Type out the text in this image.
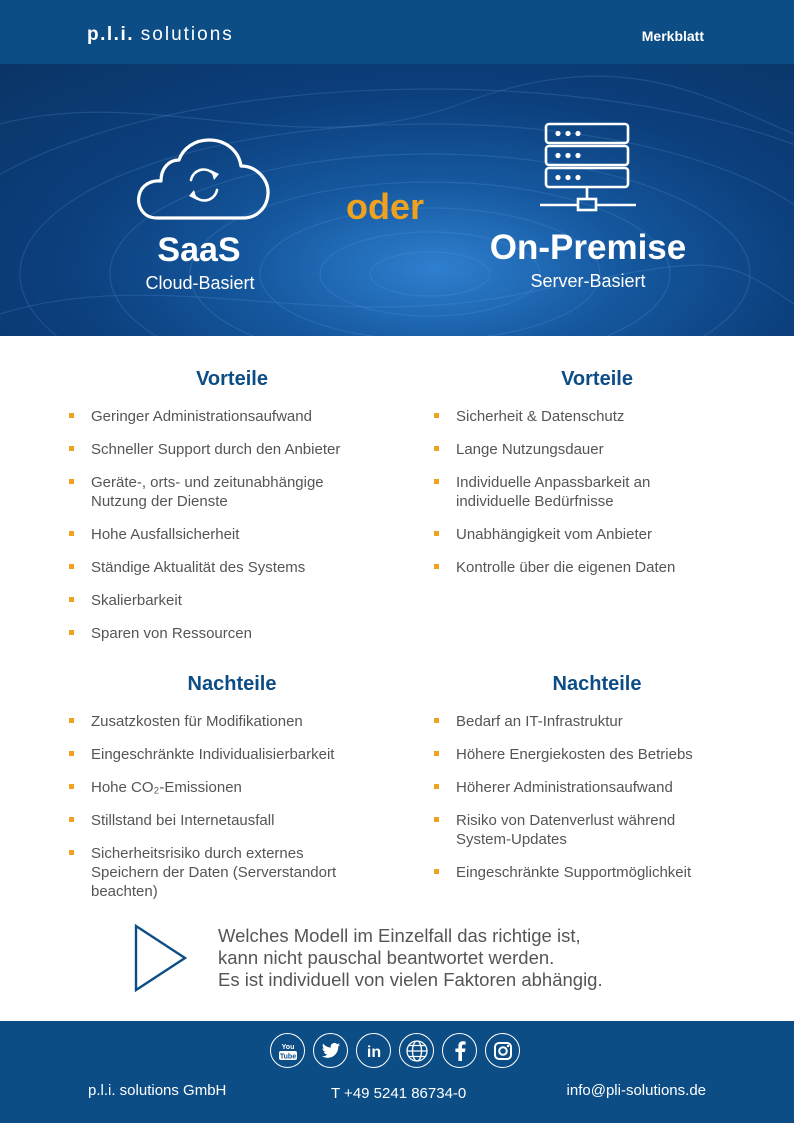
p.l.i. solutions	Merkblatt
SaaS
Cloud-Basiert
oder
On-Premise
Server-Basiert
Vorteile
Geringer Administrationsaufwand
Schneller Support durch den Anbieter
Geräte-, orts- und zeitunabhängige Nutzung der Dienste
Hohe Ausfallsicherheit
Ständige Aktualität des Systems
Skalierbarkeit
Sparen von Ressourcen
Vorteile
Sicherheit & Datenschutz
Lange Nutzungsdauer
Individuelle Anpassbarkeit an individuelle Bedürfnisse
Unabhängigkeit vom Anbieter
Kontrolle über die eigenen Daten
Nachteile
Zusatzkosten für Modifikationen
Eingeschränkte Individualisierbarkeit
Hohe CO₂-Emissionen
Stillstand bei Internetausfall
Sicherheitsrisiko durch externes Speichern der Daten (Serverstandort beachten)
Nachteile
Bedarf an IT-Infrastruktur
Höhere Energiekosten des Betriebs
Höherer Administrationsaufwand
Risiko von Datenverlust während System-Updates
Eingeschränkte Supportmöglichkeit
Welches Modell im Einzelfall das richtige ist,
kann nicht pauschal beantwortet werden.
Es ist individuell von vielen Faktoren abhängig.
You
Tube	in
p.l.i. solutions GmbH	T +49 5241 86734-0	info@pli-solutions.de
